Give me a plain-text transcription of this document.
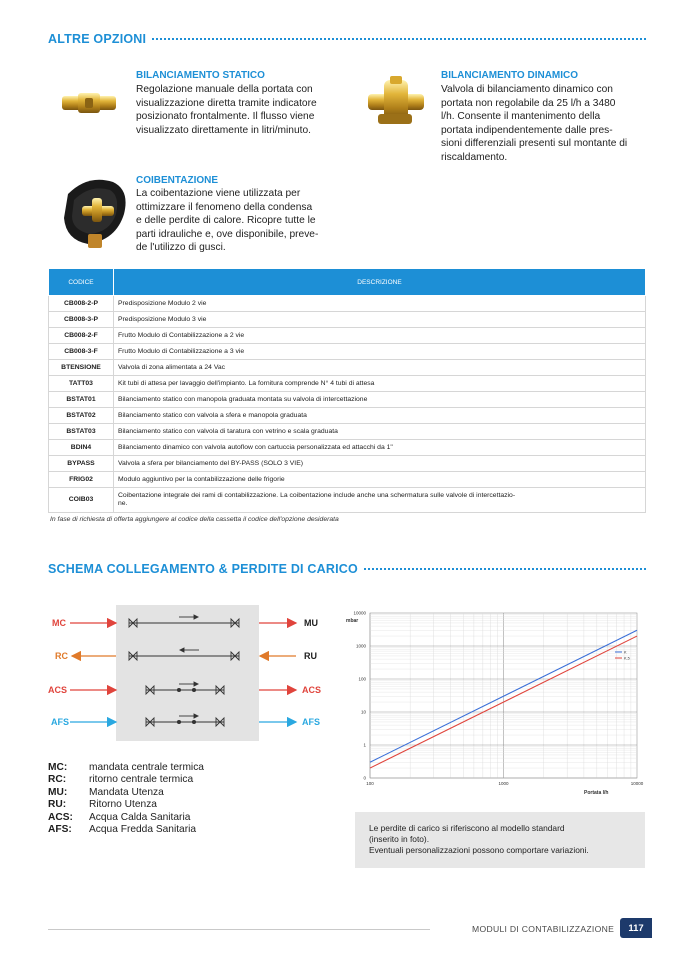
ALTRE OPZIONI
BILANCIAMENTO STATICO
Regolazione manuale della portata con
visualizzazione diretta tramite indicatore
posizionato frontalmente. Il flusso viene
visualizzato direttamente in litri/minuto.
BILANCIAMENTO DINAMICO
Valvola di bilanciamento dinamico con
portata non regolabile da 25 l/h a 3480
l/h. Consente il mantenimento della
portata indipendentemente dalle pres-
sioni differenziali presenti sul montante di
riscaldamento.
COIBENTAZIONE
La coibentazione viene utilizzata per
ottimizzare il fenomeno della condensa
e delle perdite di calore. Ricopre tutte le
parti idrauliche e, ove disponibile, preve-
de l'utilizzo di gusci.
CODICE	DESCRIZIONE
CB008-2-P	Predisposizione Modulo 2 vie
CB008-3-P	Predisposizione Modulo 3 vie
CB008-2-F	Frutto Modulo di Contabilizzazione a 2 vie
CB008-3-F	Frutto Modulo di Contabilizzazione a 3 vie
BTENSIONE	Valvola di zona alimentata a 24 Vac
TATT03	Kit tubi di attesa per lavaggio dell'impianto. La fornitura comprende N° 4 tubi di attesa
BSTAT01	Bilanciamento statico con manopola graduata montata su valvola di intercettazione
BSTAT02	Bilanciamento statico con valvola a sfera e manopola graduata
BSTAT03	Bilanciamento statico con valvola di taratura con vetrino e scala graduata
BDIN4	Bilanciamento dinamico con valvola autoflow con cartuccia personalizzata ed attacchi da 1"
BYPASS	Valvola a sfera per bilanciamento del BY-PASS (SOLO 3 VIE)
FRIG02	Modulo aggiuntivo per la contabilizzazione delle frigorie
COIB03	Coibentazione integrale dei rami di contabilizzazione. La coibentazione include anche una schermatura sulle valvole di intercettazio-
ne.
In fase di richiesta di offerta aggiungere al codice della cassetta il codice dell'opzione desiderata
SCHEMA COLLEGAMENTO & PERDITE DI CARICO
MC
RC
ACS
AFS
MU
RU
ACS
AFS
MC:	mandata centrale termica
RC:	ritorno centrale termica
MU:	Mandata Utenza
RU:	Ritorno Utenza
ACS:	Acqua Calda Sanitaria
AFS:	Acqua Fredda Sanitaria
100	1000	10000
10000
1000
100
10
1
0
K
K,5
mbar
Portata l/h
Le perdite di carico si riferiscono al modello standard
(inserito in foto).
Eventuali personalizzazioni possono comportare variazioni.
MODULI DI CONTABILIZZAZIONE	117
